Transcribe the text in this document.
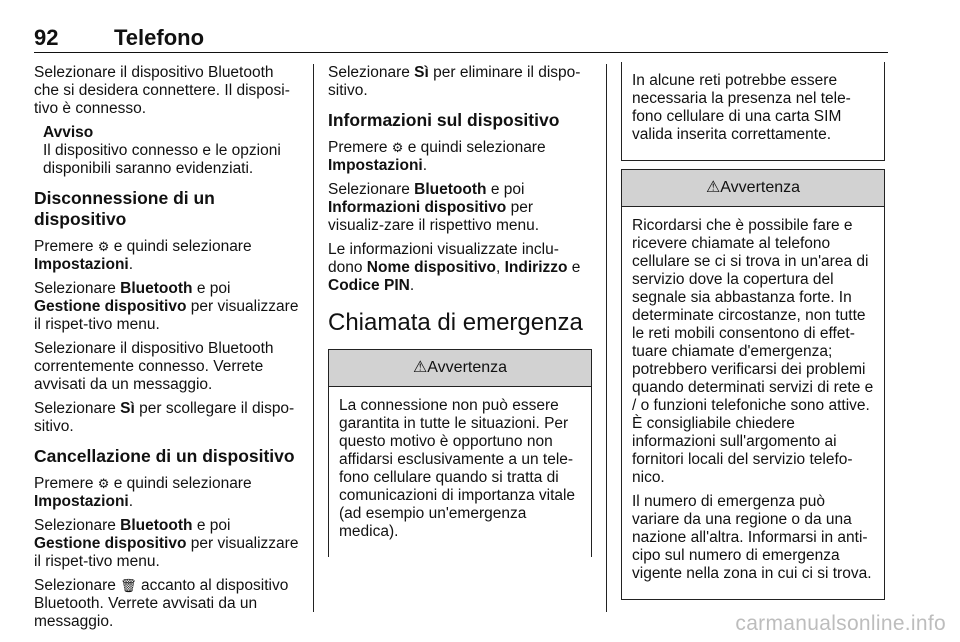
92	Telefono

Selezionare il dispositivo Bluetooth che si desidera connettere. Il disposi-tivo è connesso.

Avviso

Il dispositivo connesso e le opzioni disponibili saranno evidenziati.

Disconnessione di un dispositivo

Premere ⚙ e quindi selezionare Impostazioni.

Selezionare Bluetooth e poi Gestione dispositivo per visualizzare il rispet-tivo menu.

Selezionare il dispositivo Bluetooth correntemente connesso. Verrete avvisati da un messaggio.

Selezionare Sì per scollegare il dispo-sitivo.

Cancellazione di un dispositivo

Premere ⚙ e quindi selezionare Impostazioni.

Selezionare Bluetooth e poi Gestione dispositivo per visualizzare il rispet-tivo menu.

Selezionare 🗑 accanto al dispositivo Bluetooth. Verrete avvisati da un messaggio.

Selezionare Sì per eliminare il dispo-sitivo.

Informazioni sul dispositivo

Premere ⚙ e quindi selezionare Impostazioni.

Selezionare Bluetooth e poi Informazioni dispositivo per visualiz-zare il rispettivo menu.

Le informazioni visualizzate inclu-dono Nome dispositivo, Indirizzo e Codice PIN.

Chiamata di emergenza
⚠Avvertenza

La connessione non può essere garantita in tutte le situazioni. Per questo motivo è opportuno non affidarsi esclusivamente a un tele-fono cellulare quando si tratta di comunicazioni di importanza vitale (ad esempio un'emergenza medica).

In alcune reti potrebbe essere necessaria la presenza nel tele-fono cellulare di una carta SIM valida inserita correttamente.

⚠Avvertenza

Ricordarsi che è possibile fare e ricevere chiamate al telefono cellulare se ci si trova in un'area di servizio dove la copertura del segnale sia abbastanza forte. In determinate circostanze, non tutte le reti mobili consentono di effet-tuare chiamate d'emergenza; potrebbero verificarsi dei problemi quando determinati servizi di rete e / o funzioni telefoniche sono attive. È consigliabile chiedere informazioni sull'argomento ai fornitori locali del servizio telefo-nico.

Il numero di emergenza può variare da una regione o da una nazione all'altra. Informarsi in anti-cipo sul numero di emergenza vigente nella zona in cui ci si trova.

carmanualsonline.info
